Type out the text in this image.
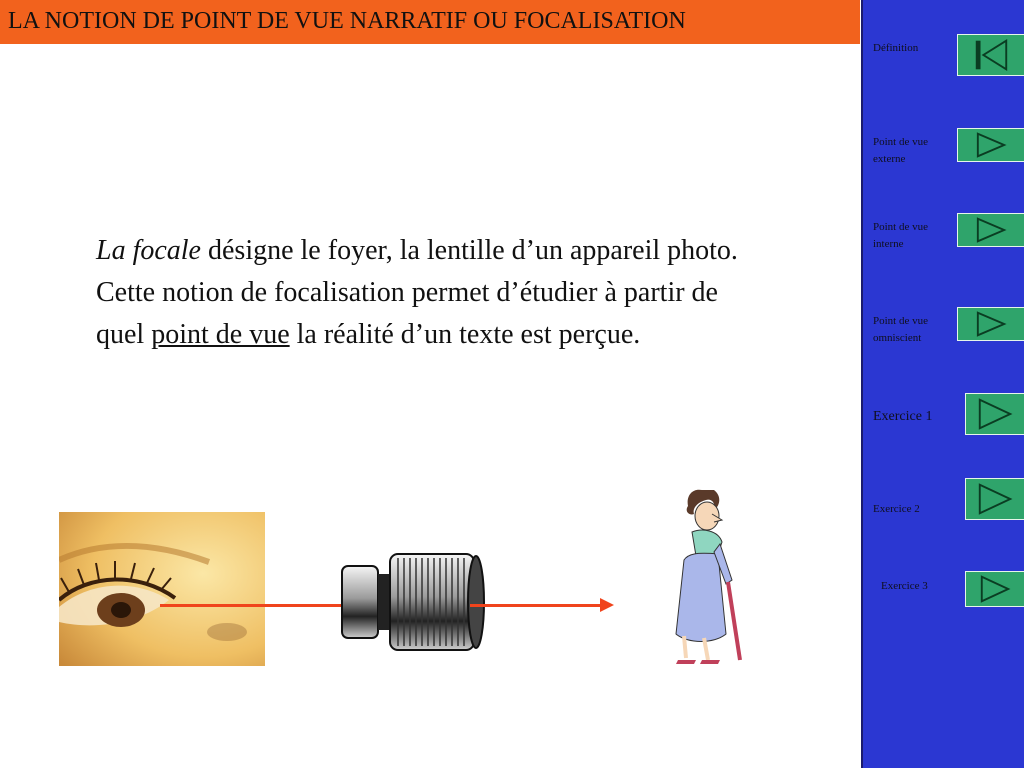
LA NOTION DE POINT DE VUE NARRATIF OU FOCALISATION
La focale désigne le foyer, la lentille d’un appareil photo. Cette notion de focalisation permet d’étudier à partir de quel point de vue la réalité d’un texte est perçue.
Définition
Point de vue externe
Point de vue interne
Point de vue omniscient
Exercice 1
Exercice 2
Exercice 3
